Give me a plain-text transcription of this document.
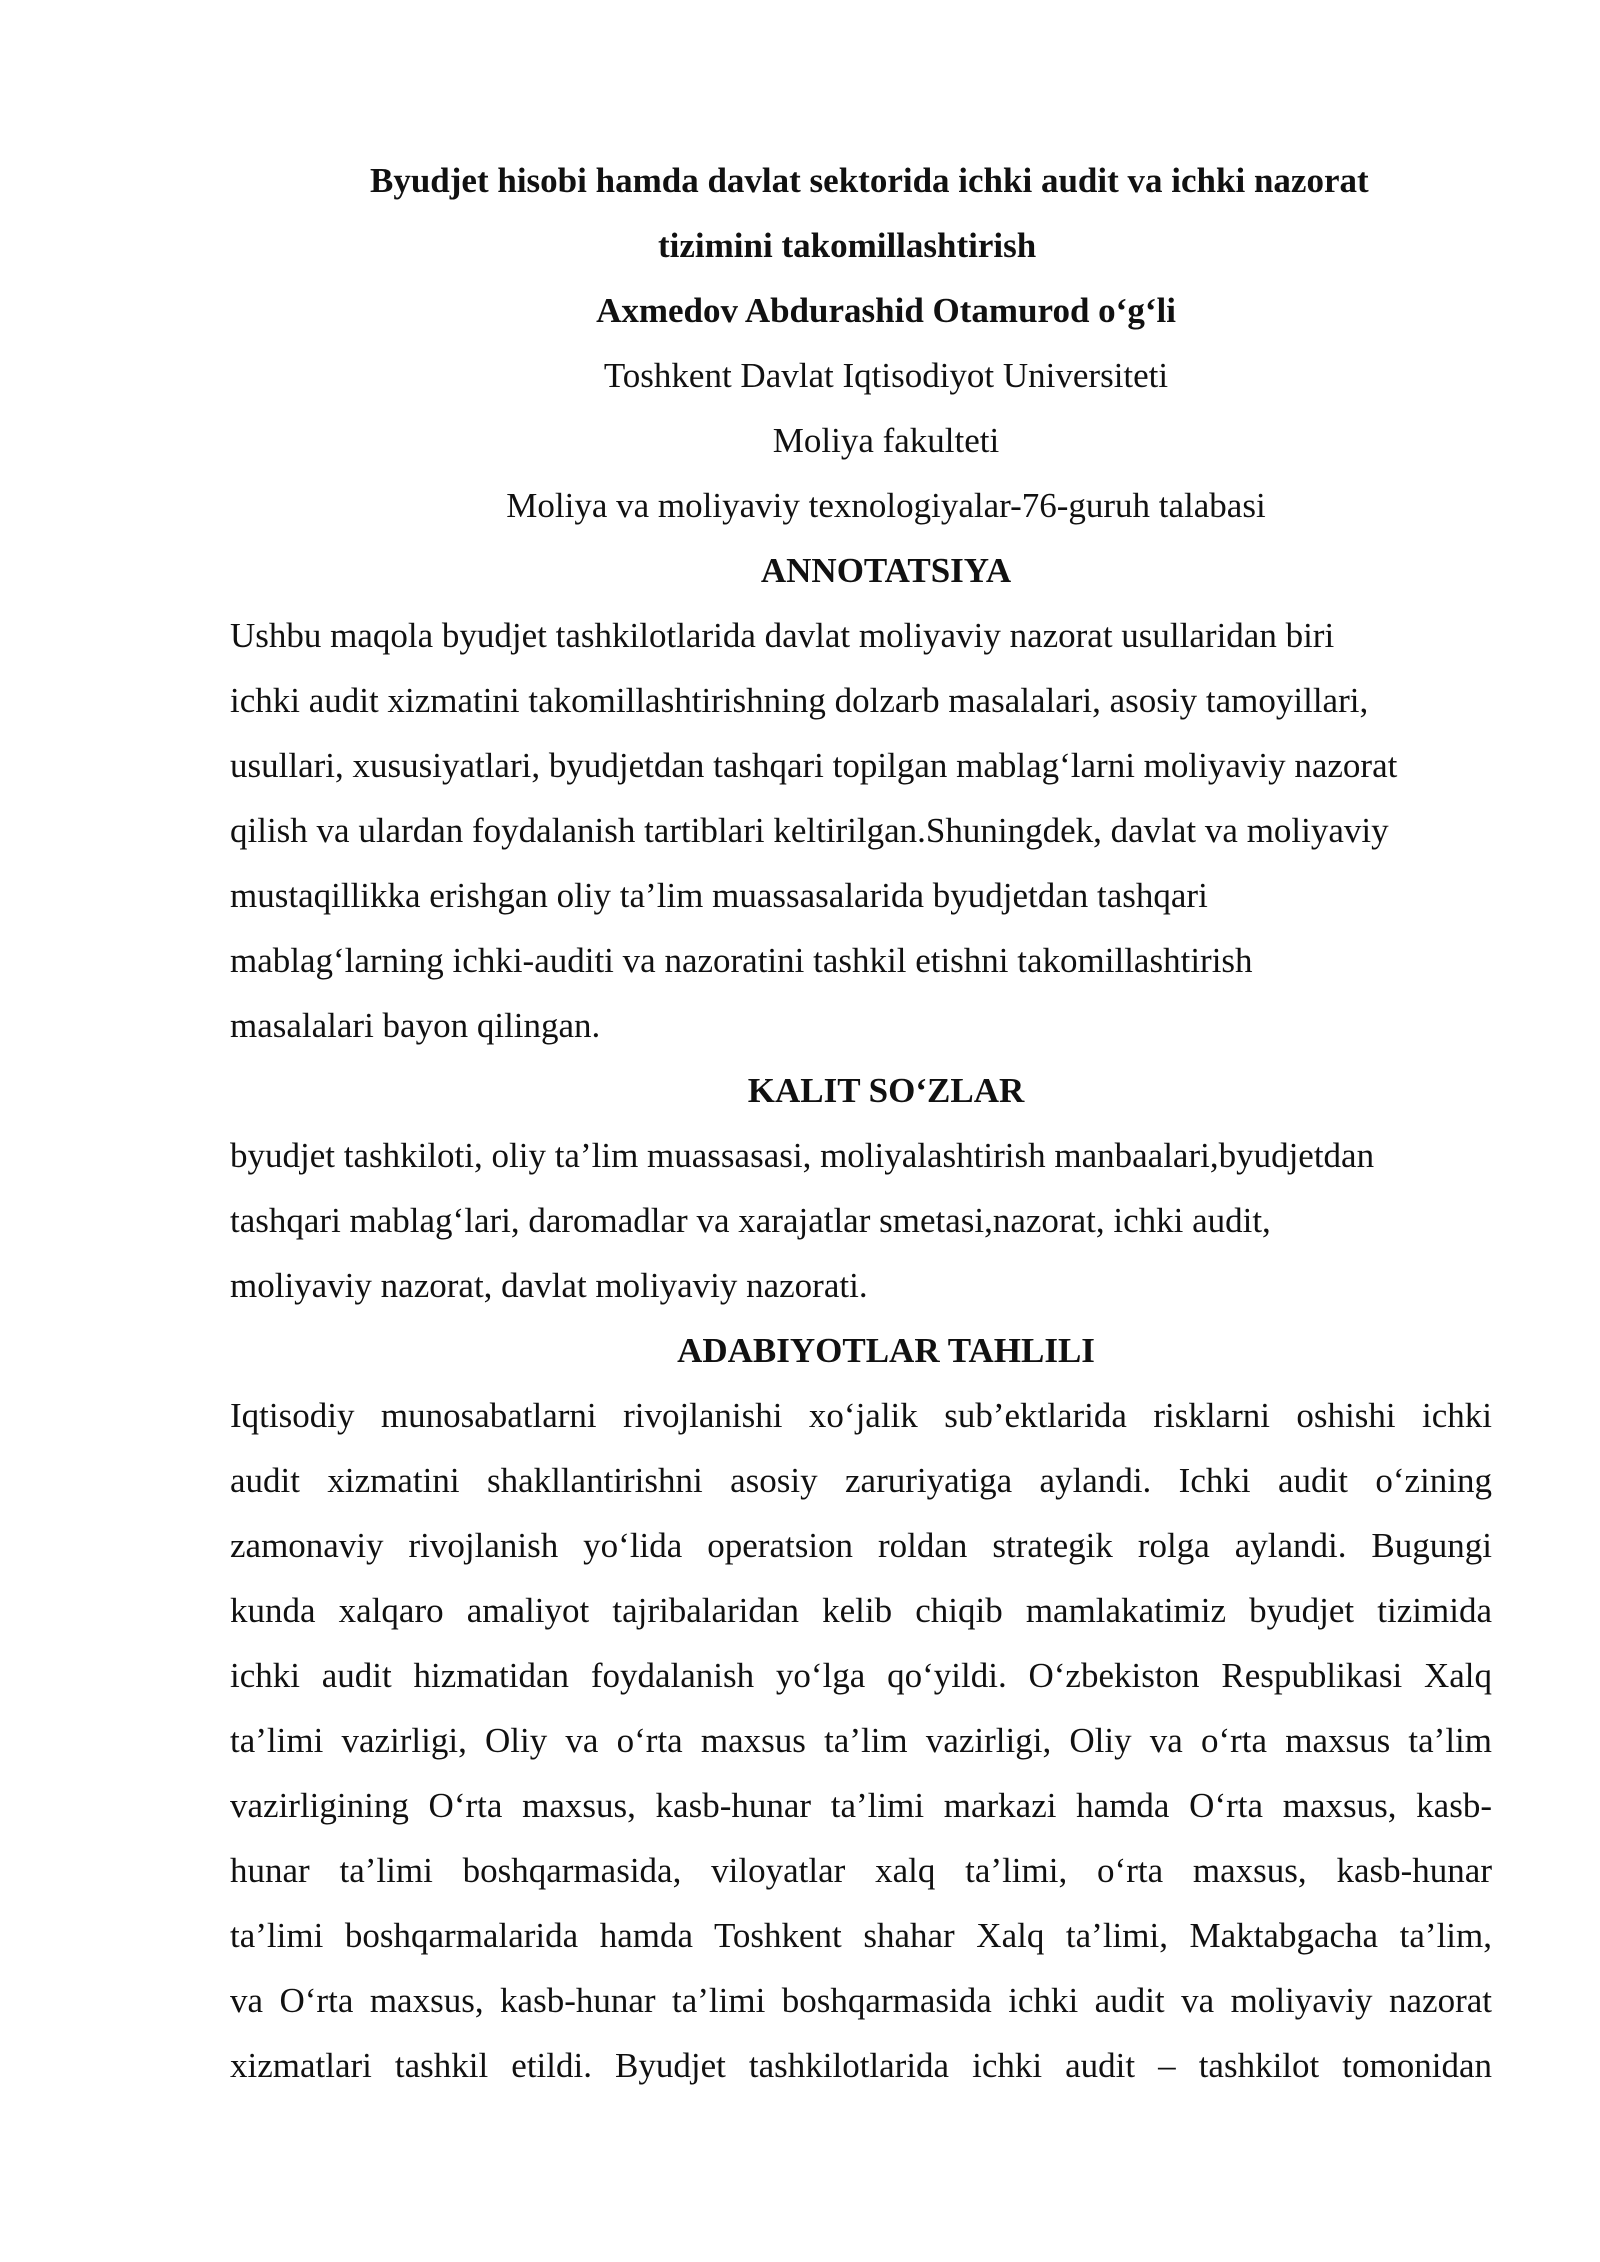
Byudjet hisobi hamda davlat sektorida ichki audit va ichki nazorat
tizimini takomillashtirish
Axmedov Abdurashid Otamurod o‘g‘li
Toshkent Davlat Iqtisodiyot Universiteti
Moliya fakulteti
Moliya va moliyaviy texnologiyalar-76-guruh talabasi
ANNOTATSIYA
Ushbu maqola byudjet tashkilotlarida davlat moliyaviy nazorat usullaridan biri
ichki audit xizmatini takomillashtirishning dolzarb masalalari, asosiy tamoyillari,
usullari, xususiyatlari, byudjetdan tashqari topilgan mablag‘larni moliyaviy nazorat
qilish va ulardan foydalanish tartiblari keltirilgan.Shuningdek, davlat va moliyaviy
mustaqillikka erishgan oliy ta’lim muassasalarida byudjetdan tashqari
mablag‘larning ichki-auditi va nazoratini tashkil etishni takomillashtirish
masalalari bayon qilingan.
KALIT SO‘ZLAR
byudjet tashkiloti, oliy ta’lim muassasasi, moliyalashtirish manbaalari,byudjetdan
tashqari mablag‘lari, daromadlar va xarajatlar smetasi,nazorat, ichki audit,
moliyaviy nazorat, davlat moliyaviy nazorati.
ADABIYOTLAR TAHLILI
Iqtisodiy munosabatlarni rivojlanishi xo‘jalik sub’ektlarida risklarni oshishi ichki
audit xizmatini shakllantirishni asosiy zaruriyatiga aylandi. Ichki audit o‘zining
zamonaviy rivojlanish yo‘lida operatsion roldan strategik rolga aylandi. Bugungi
kunda xalqaro amaliyot tajribalaridan kelib chiqib mamlakatimiz byudjet tizimida
ichki audit hizmatidan foydalanish yo‘lga qo‘yildi. O‘zbekiston Respublikasi Xalq
ta’limi vazirligi, Oliy va o‘rta maxsus ta’lim vazirligi, Oliy va o‘rta maxsus ta’lim
vazirligining O‘rta maxsus, kasb-hunar ta’limi markazi hamda O‘rta maxsus, kasb-
hunar ta’limi boshqarmasida, viloyatlar xalq ta’limi, o‘rta maxsus, kasb-hunar
ta’limi boshqarmalarida hamda Toshkent shahar Xalq ta’limi, Maktabgacha ta’lim,
va O‘rta maxsus, kasb-hunar ta’limi boshqarmasida ichki audit va moliyaviy nazorat
xizmatlari tashkil etildi. Byudjet tashkilotlarida ichki audit – tashkilot tomonidan
